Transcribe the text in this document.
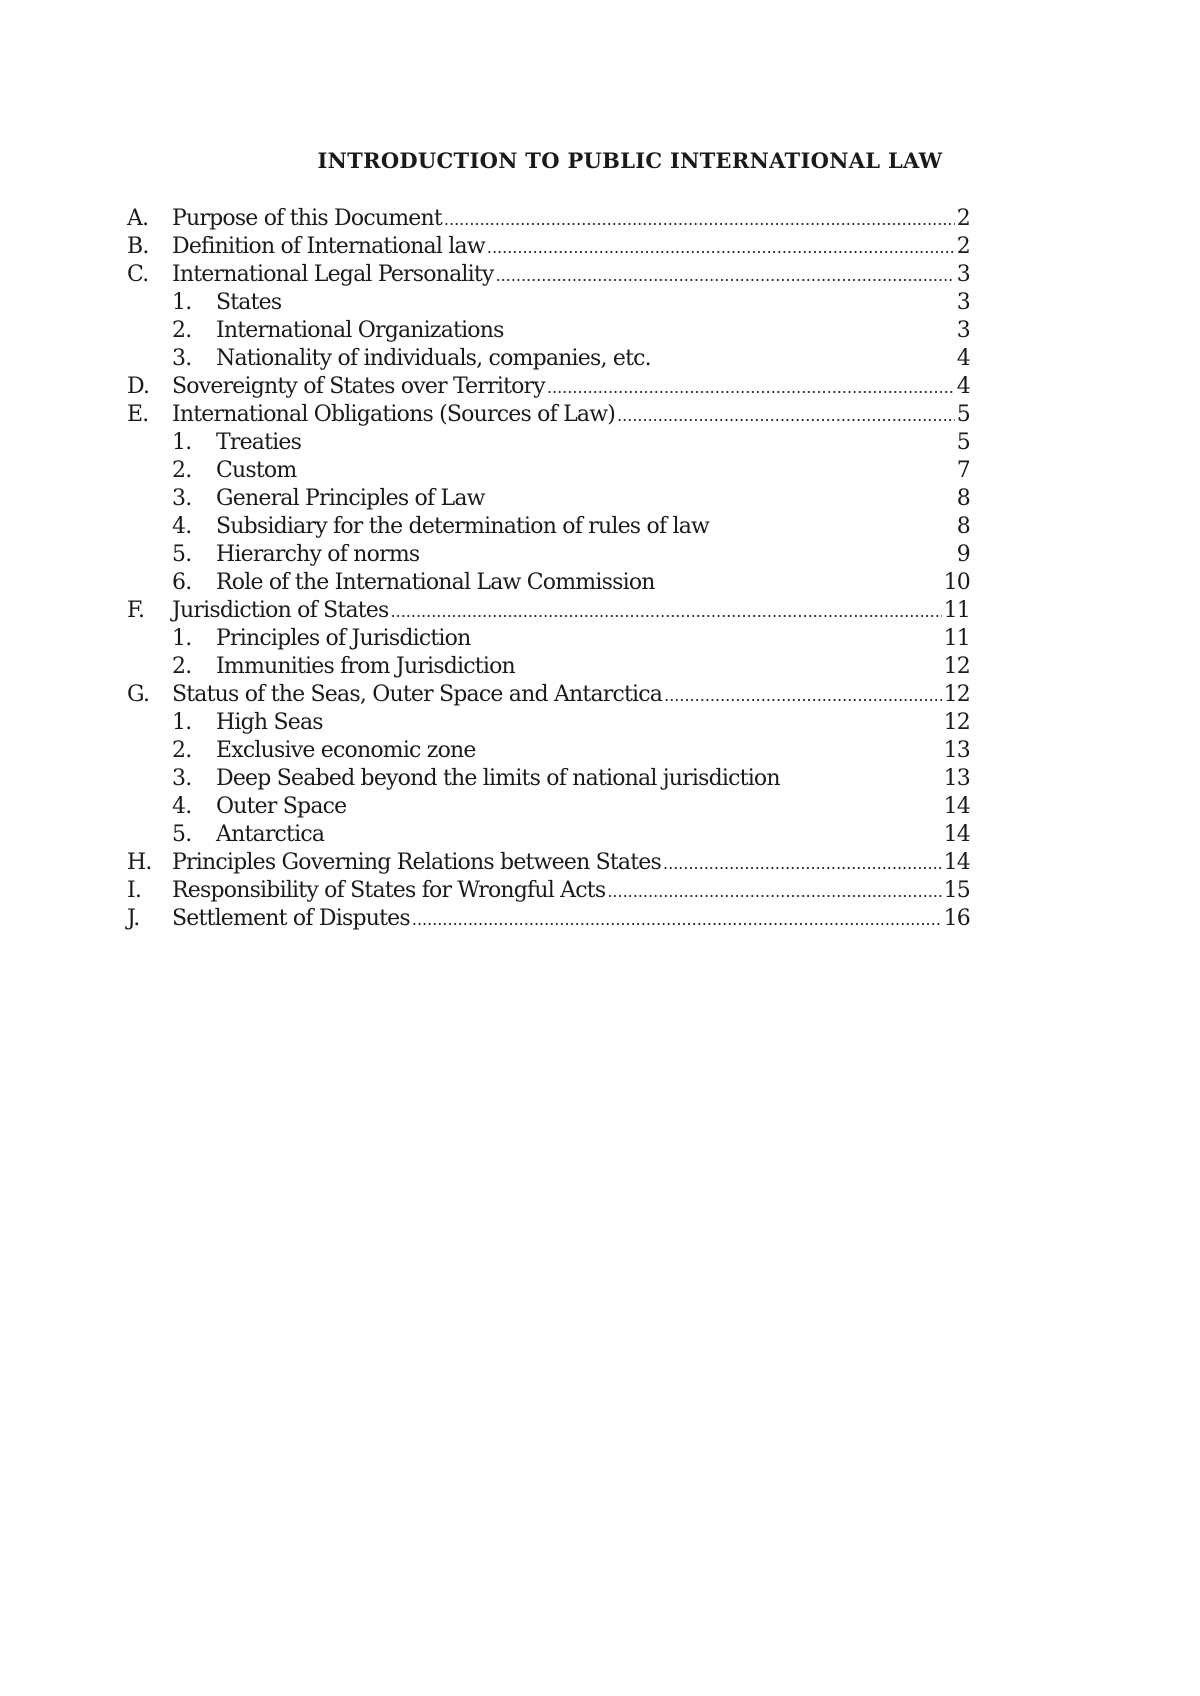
INTRODUCTION TO PUBLIC INTERNATIONAL LAW
A. Purpose of this Document .....	2
B. Definition of International law .....	2
C. International Legal Personality .....	3
1. States	3
2. International Organizations	3
3. Nationality of individuals, companies, etc.	4
D. Sovereignty of States over Territory .....	4
E. International Obligations (Sources of Law) .....	5
1. Treaties	5
2. Custom	7
3. General Principles of Law	8
4. Subsidiary for the determination of rules of law	8
5. Hierarchy of norms	9
6. Role of the International Law Commission	10
F. Jurisdiction of States .....	11
1. Principles of Jurisdiction	11
2. Immunities from Jurisdiction	12
G. Status of the Seas, Outer Space and Antarctica .....	12
1. High Seas	12
2. Exclusive economic zone	13
3. Deep Seabed beyond the limits of national jurisdiction	13
4. Outer Space	14
5. Antarctica	14
H. Principles Governing Relations between States .....	14
I. Responsibility of States for Wrongful Acts .....	15
J. Settlement of Disputes .....	16
